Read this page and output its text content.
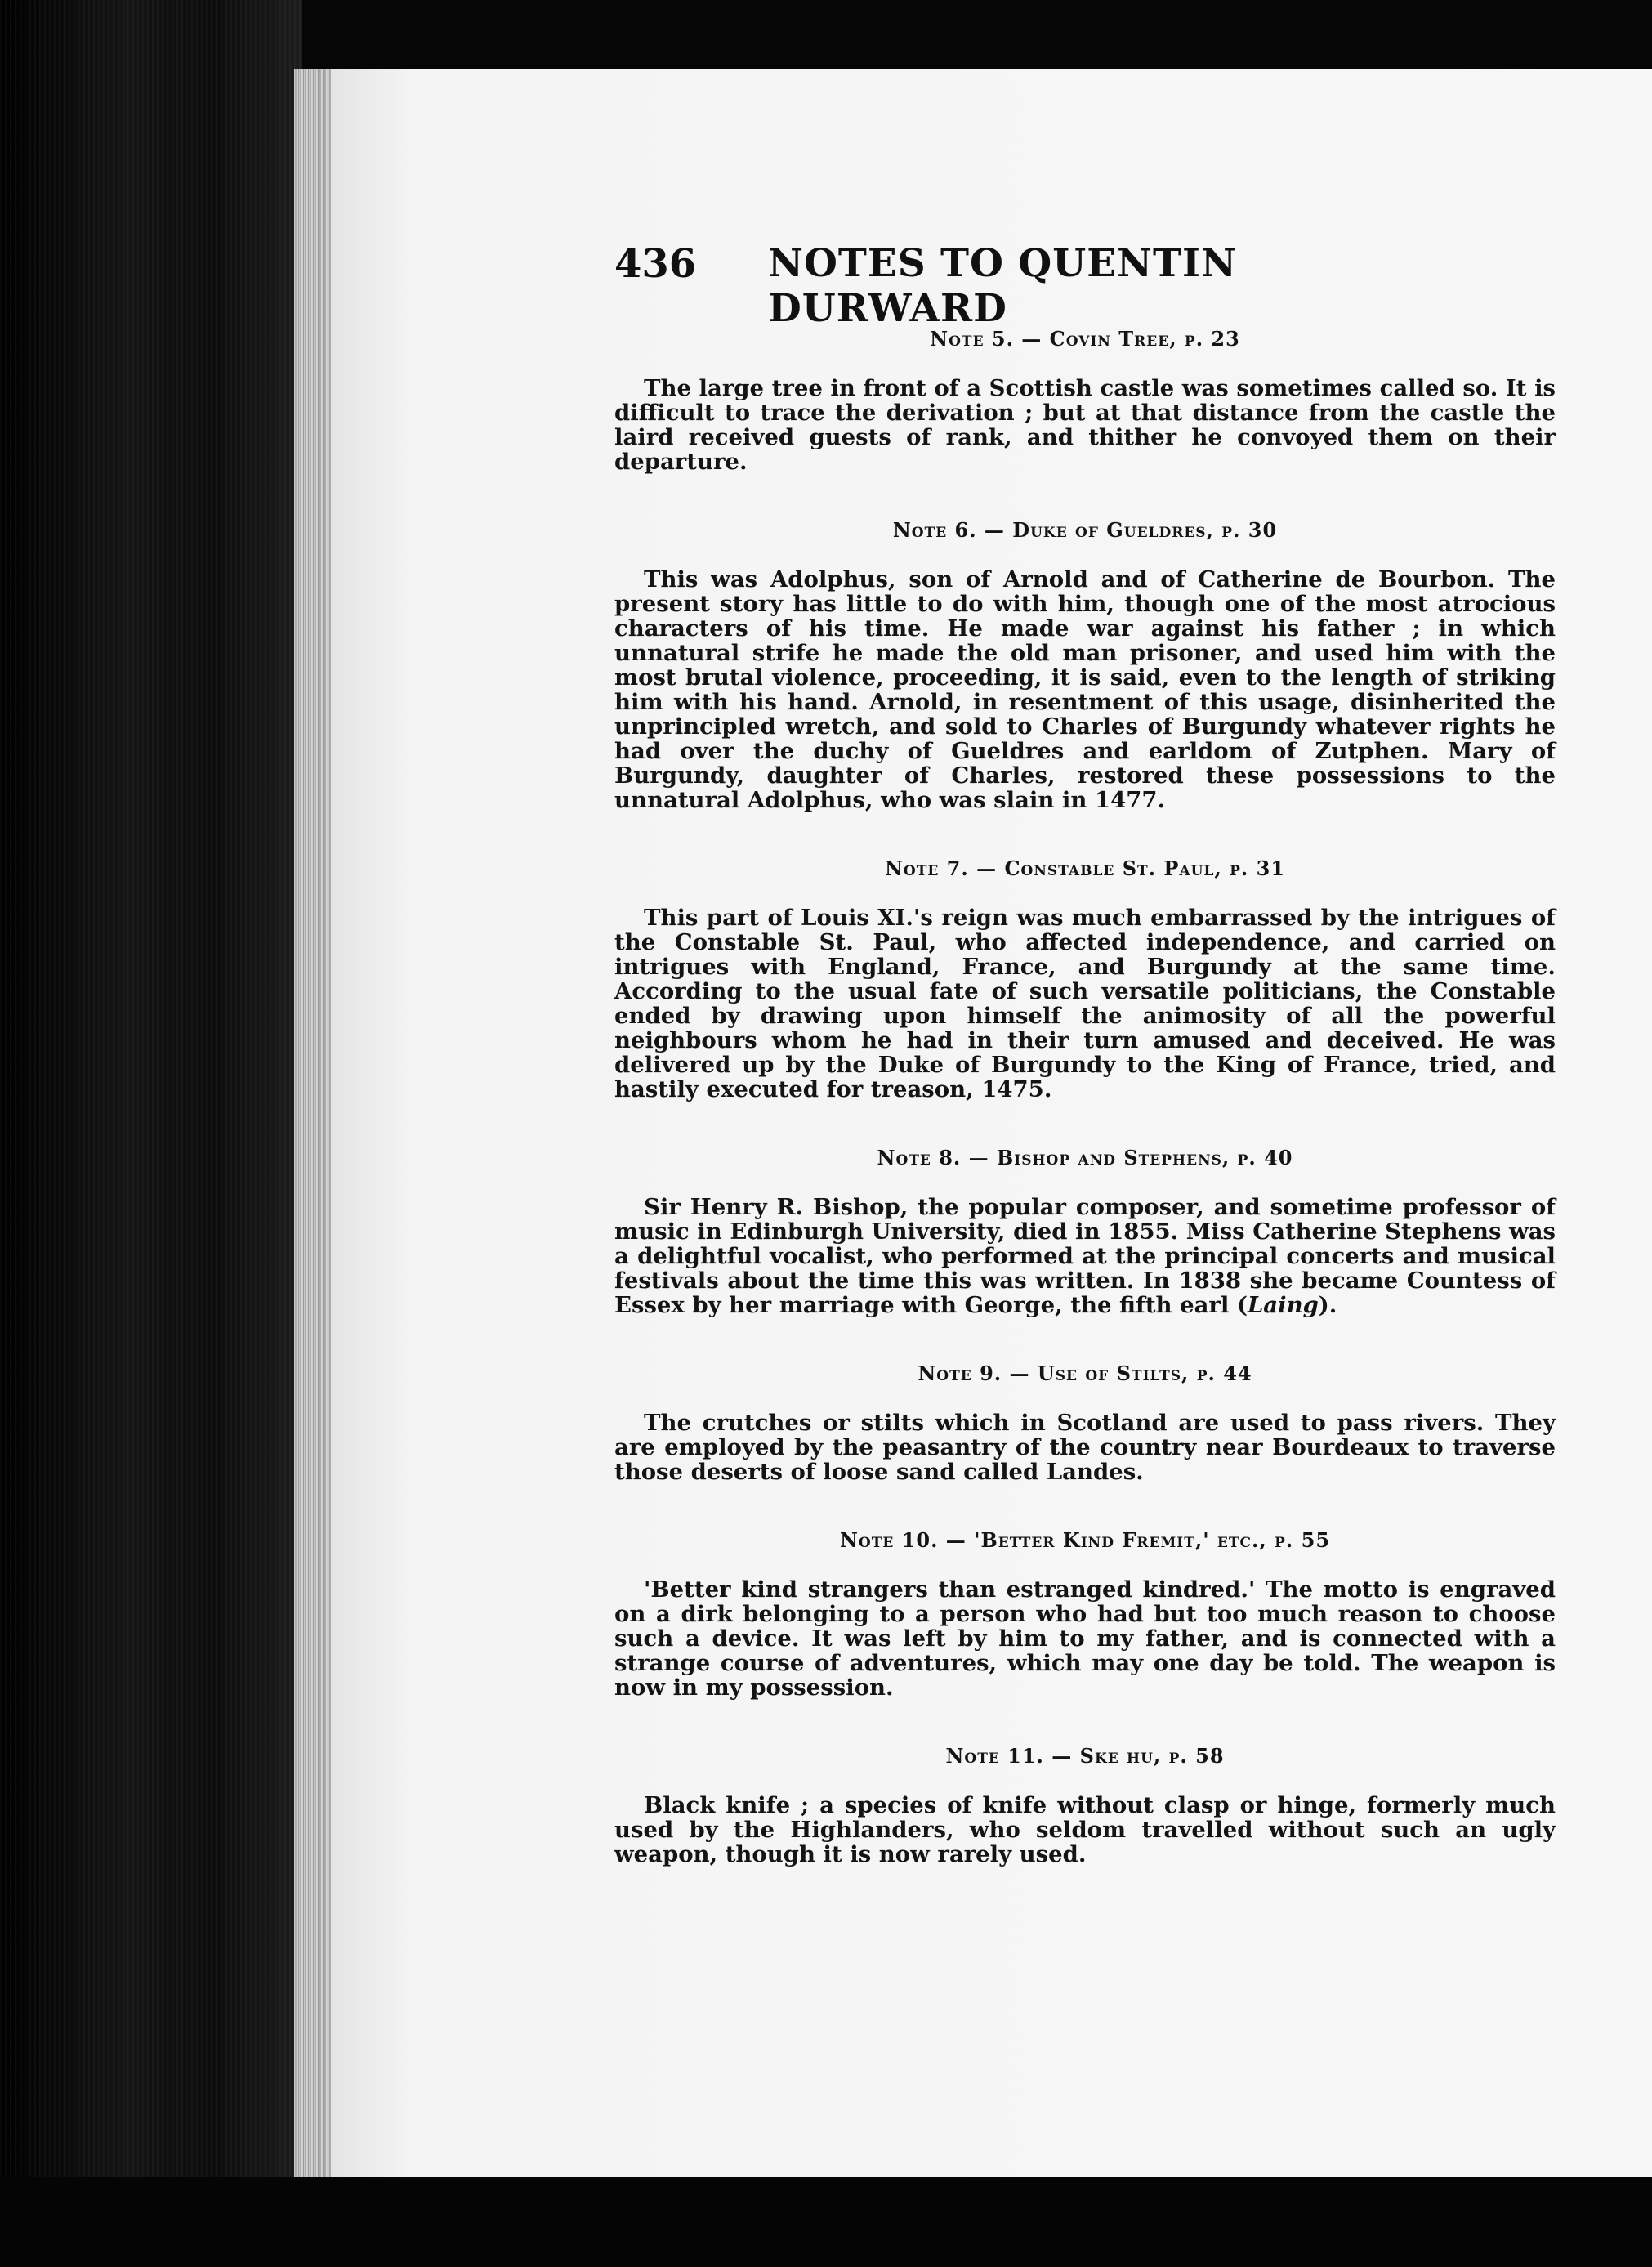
436 NOTES TO QUENTIN DURWARD

Note 5. — Covin Tree, p. 23

The large tree in front of a Scottish castle was sometimes called so. It is difficult to trace the derivation ; but at that distance from the castle the laird received guests of rank, and thither he convoyed them on their departure.

Note 6. — Duke of Gueldres, p. 30

This was Adolphus, son of Arnold and of Catherine de Bourbon. The present story has little to do with him, though one of the most atrocious characters of his time. He made war against his father ; in which unnatural strife he made the old man prisoner, and used him with the most brutal violence, proceeding, it is said, even to the length of striking him with his hand. Arnold, in resentment of this usage, disinherited the unprincipled wretch, and sold to Charles of Burgundy whatever rights he had over the duchy of Gueldres and earldom of Zutphen. Mary of Burgundy, daughter of Charles, restored these possessions to the unnatural Adolphus, who was slain in 1477.

Note 7. — Constable St. Paul, p. 31

This part of Louis XI.'s reign was much embarrassed by the intrigues of the Constable St. Paul, who affected independence, and carried on intrigues with England, France, and Burgundy at the same time. According to the usual fate of such versatile politicians, the Constable ended by drawing upon himself the animosity of all the powerful neighbours whom he had in their turn amused and deceived. He was delivered up by the Duke of Burgundy to the King of France, tried, and hastily executed for treason, 1475.

Note 8. — Bishop and Stephens, p. 40

Sir Henry R. Bishop, the popular composer, and sometime professor of music in Edinburgh University, died in 1855. Miss Catherine Stephens was a delightful vocalist, who performed at the principal concerts and musical festivals about the time this was written. In 1838 she became Countess of Essex by her marriage with George, the fifth earl (Laing).

Note 9. — Use of Stilts, p. 44

The crutches or stilts which in Scotland are used to pass rivers. They are employed by the peasantry of the country near Bourdeaux to traverse those deserts of loose sand called Landes.

Note 10. — 'Better Kind Fremit,' etc., p. 55

'Better kind strangers than estranged kindred.' The motto is engraved on a dirk belonging to a person who had but too much reason to choose such a device. It was left by him to my father, and is connected with a strange course of adventures, which may one day be told. The weapon is now in my possession.

Note 11. — Ske hu, p. 58

Black knife ; a species of knife without clasp or hinge, formerly much used by the Highlanders, who seldom travelled without such an ugly weapon, though it is now rarely used.
